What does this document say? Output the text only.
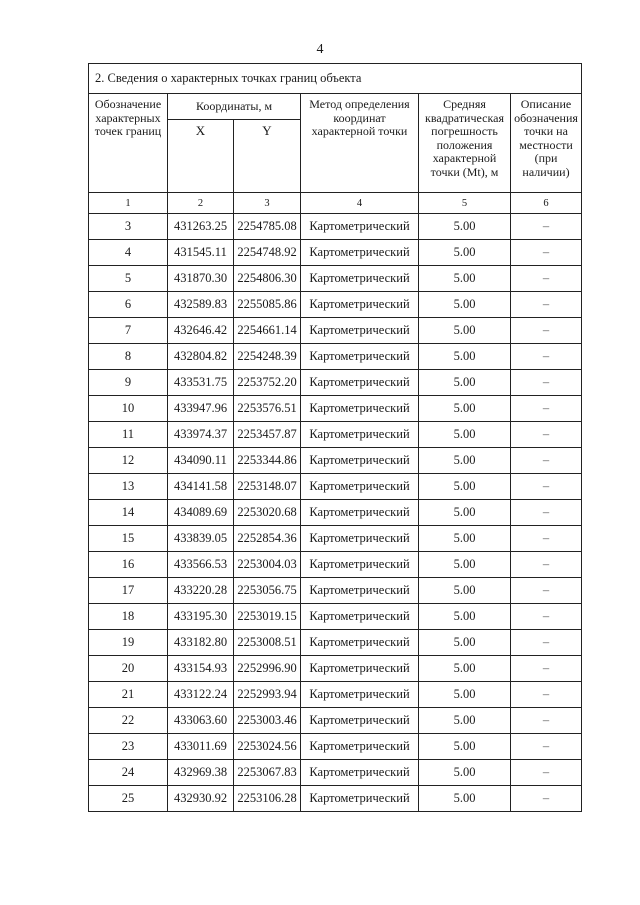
4
2. Сведения о характерных точках границ объекта					
Обозначение характерных точек границ	Координаты, м		Метод определения координат характерной точки	Средняя квадратическая погрешность положения характерной точки (Mt), м	Описание обозначения точки на местности (при наличии)
	X	Y			
1	2	3	4	5	6
3	431263.25	2254785.08	Картометрический	5.00	–
4	431545.11	2254748.92	Картометрический	5.00	–
5	431870.30	2254806.30	Картометрический	5.00	–
6	432589.83	2255085.86	Картометрический	5.00	–
7	432646.42	2254661.14	Картометрический	5.00	–
8	432804.82	2254248.39	Картометрический	5.00	–
9	433531.75	2253752.20	Картометрический	5.00	–
10	433947.96	2253576.51	Картометрический	5.00	–
11	433974.37	2253457.87	Картометрический	5.00	–
12	434090.11	2253344.86	Картометрический	5.00	–
13	434141.58	2253148.07	Картометрический	5.00	–
14	434089.69	2253020.68	Картометрический	5.00	–
15	433839.05	2252854.36	Картометрический	5.00	–
16	433566.53	2253004.03	Картометрический	5.00	–
17	433220.28	2253056.75	Картометрический	5.00	–
18	433195.30	2253019.15	Картометрический	5.00	–
19	433182.80	2253008.51	Картометрический	5.00	–
20	433154.93	2252996.90	Картометрический	5.00	–
21	433122.24	2252993.94	Картометрический	5.00	–
22	433063.60	2253003.46	Картометрический	5.00	–
23	433011.69	2253024.56	Картометрический	5.00	–
24	432969.38	2253067.83	Картометрический	5.00	–
25	432930.92	2253106.28	Картометрический	5.00	–
